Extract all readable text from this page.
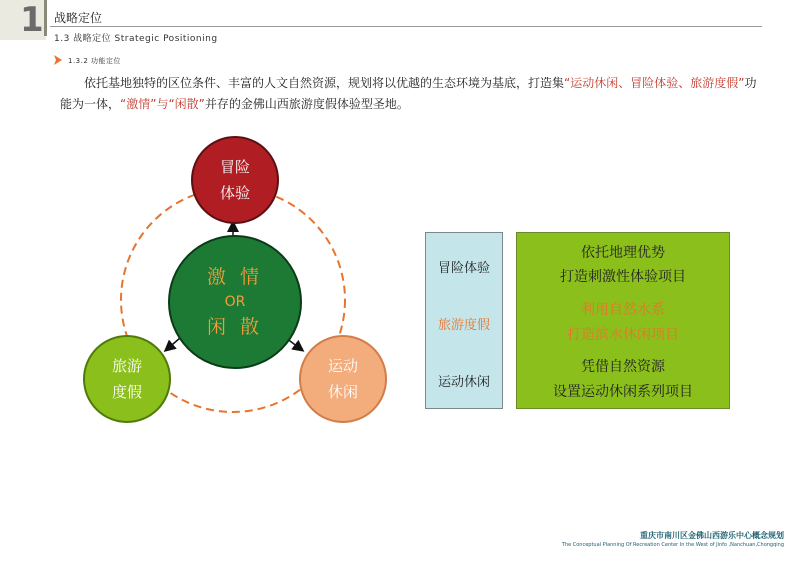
1 战略定位
1.3 战略定位 Strategic Positioning
1.3.2 功能定位
依托基地独特的区位条件、丰富的人文自然资源，规划将以优越的生态环境为基底，打造集“运动休闲、冒险体验、旅游度假”功能为一体，“激情”与“闲散”并存的金佛山西旅游度假体验型圣地。
冒险
体验
运动
休闲
旅游
度假
激 情
OR
闲 散
冒险体验
旅游度假
运动休闲
依托地理优势
打造刺激性体验项目
利用自然水系
打造滨水休闲项目
凭借自然资源
设置运动休闲系列项目
重庆市南川区金佛山西游乐中心概念规划
The Conceptual Planning Of Recreation Center In the West of Jinfo ,Nanchuan,Chongqing
